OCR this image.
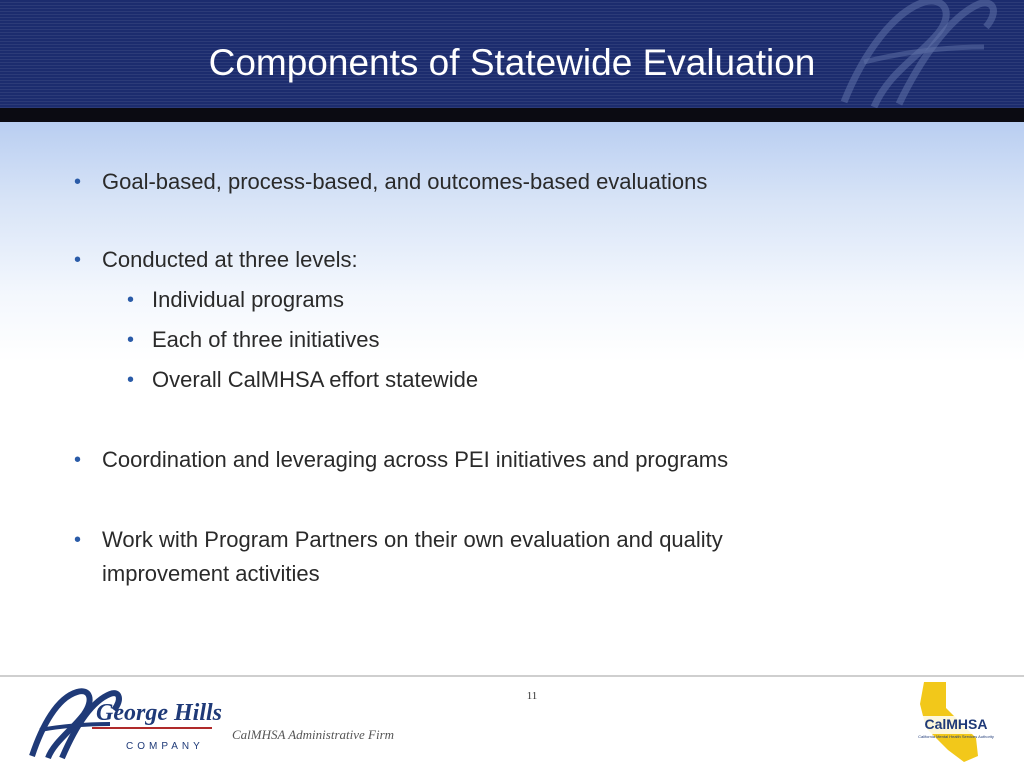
Components of Statewide Evaluation
• Goal-based, process-based, and outcomes-based evaluations
• Conducted at three levels:
• Individual programs
• Each of three initiatives
• Overall CalMHSA effort statewide
• Coordination and leveraging across PEI initiatives and programs
• Work with Program Partners on their own evaluation and quality
improvement activities
11
George Hills
COMPANY
CalMHSA Administrative Firm
CalMHSA
California Mental Health Services Authority
